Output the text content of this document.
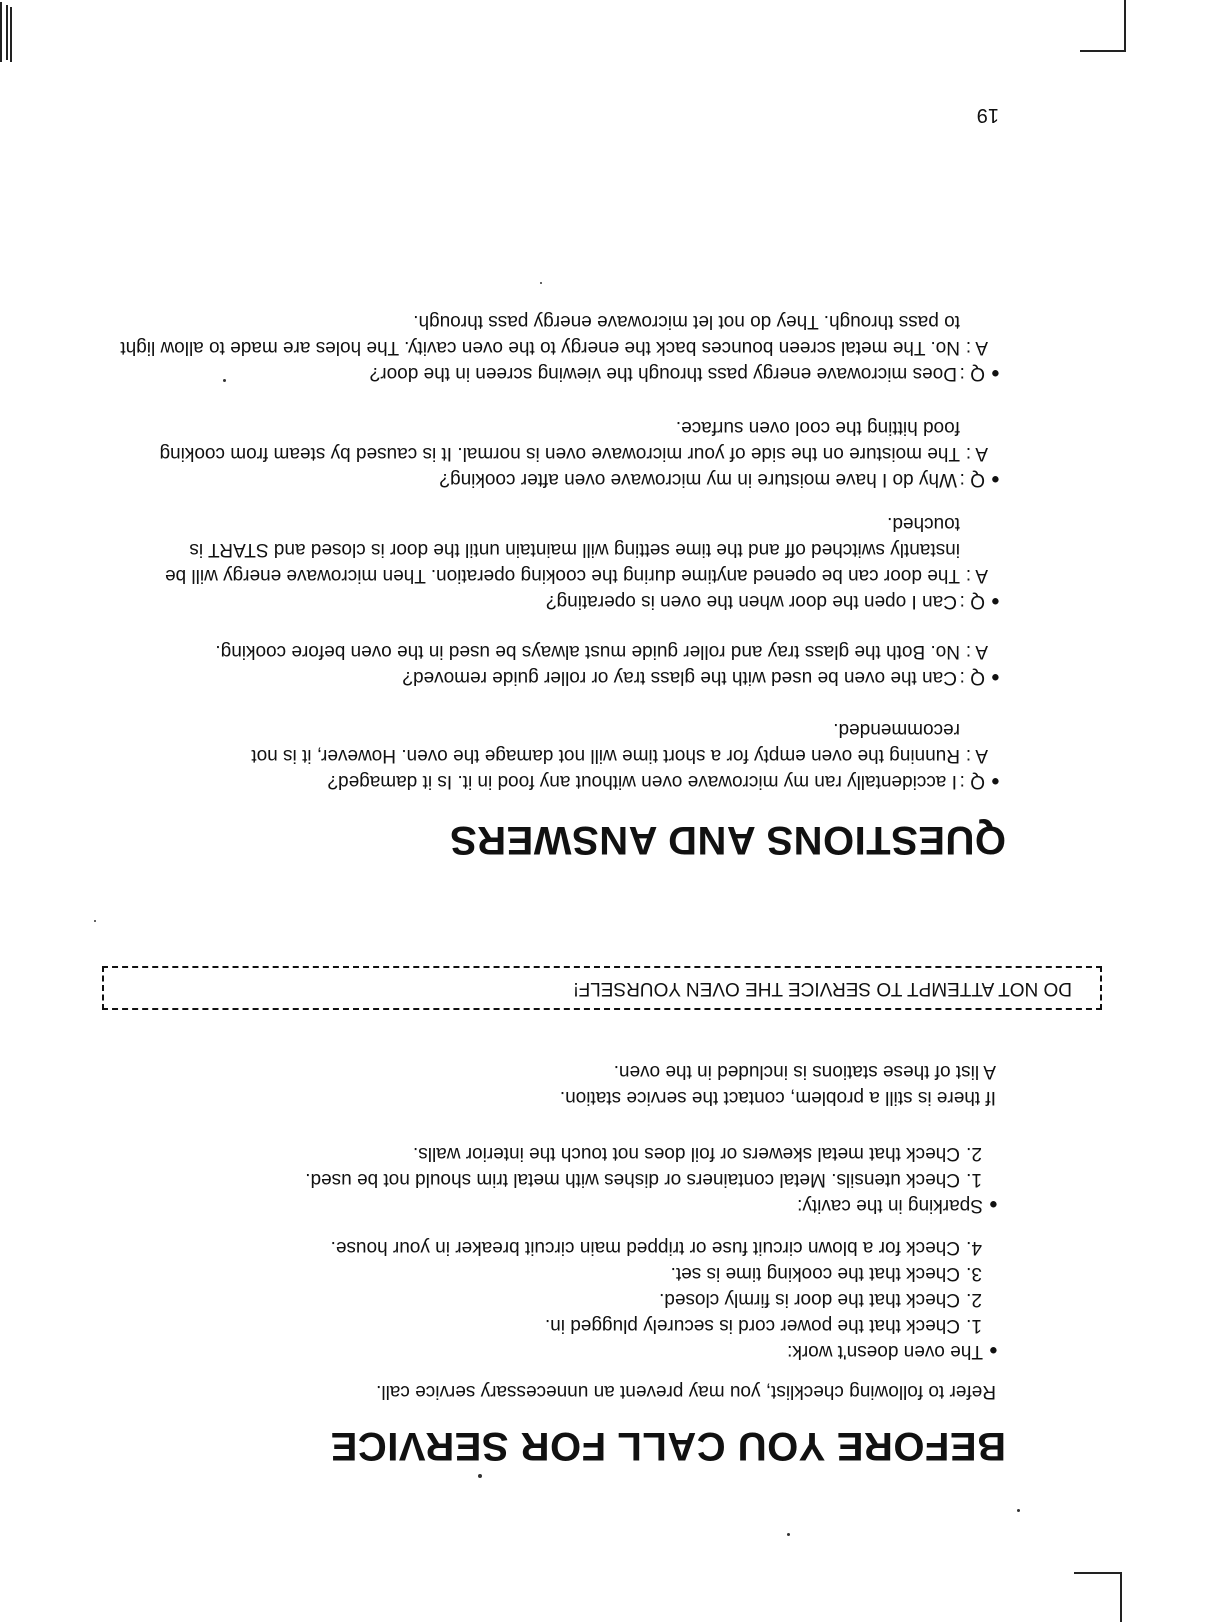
19
BEFORE YOU CALL FOR SERVICE

Refer to following checklist, you may prevent an unnecessary service call.

●The oven doesn't work:

1.
Check that the power cord is securely plugged in.
2.
Check that the door is firmly closed.
3.
Check that the cooking time is set.
4.
Check for a blown circuit fuse or tripped main circuit breaker in your house.

●Sparking in the cavity:

1.
Check utensils. Metal containers or dishes with metal trim should not be used.
2.
Check that metal skewers or foil does not touch the interior walls.

If there is still a problem, contact the service station.

A list of these stations is included in the oven.

DO NOT ATTEMPT TO SERVICE THE OVEN YOURSELF!
QUESTIONS AND ANSWERS
●
Q :
I accidentally ran my microwave oven without any food in it. Is it damaged?
A :
Running the oven empty for a short time will not damage the oven. However, it is not recommended.
●
Q :
Can the oven be used with the glass tray or roller guide removed?
A :
No. Both the glass tray and roller guide must always be used in the oven before cooking.
●
Q :
Can I open the door when the oven is operating?
A :
The door can be opened anytime during the cooking operation. Then microwave energy will be instantly switched off and the time setting will maintain until the door is closed and START is touched.
●
Q :
Why do I have moisture in my microwave oven after cooking?
A :
The moisture on the side of your microwave oven is normal. It is caused by steam from cooking food hitting the cool oven surface.
●
Q :
Does microwave energy pass through the viewing screen in the door?
A :
No. The metal screen bounces back the energy to the oven cavity. The holes are made to allow light to pass through. They do not let microwave energy pass through.
